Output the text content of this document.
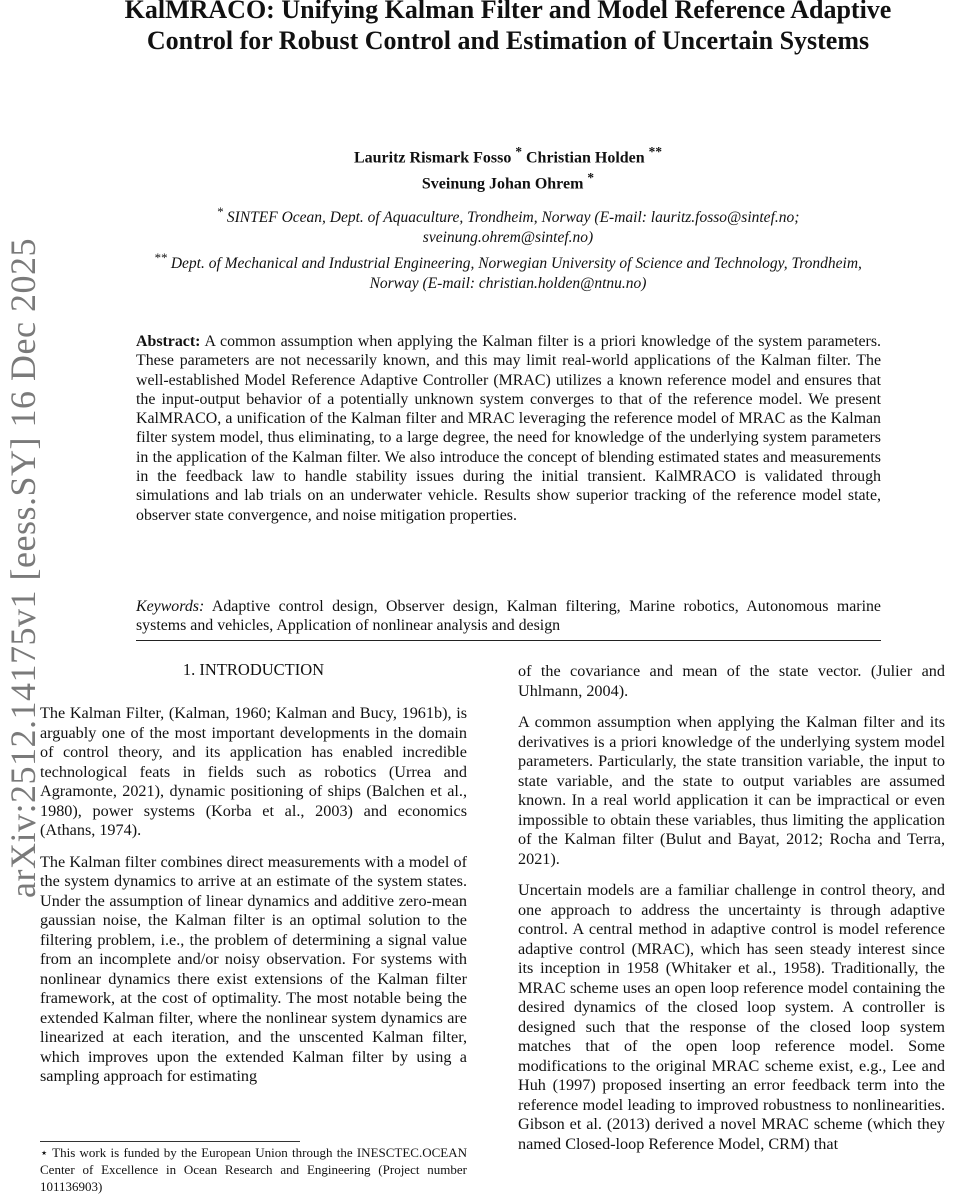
arXiv:2512.14175v1 [eess.SY] 16 Dec 2025
KalMRACO: Unifying Kalman Filter and Model Reference Adaptive Control for Robust Control and Estimation of Uncertain Systems
Lauritz Rismark Fosso * Christian Holden **
Sveinung Johan Ohrem *
* SINTEF Ocean, Dept. of Aquaculture, Trondheim, Norway (E-mail: lauritz.fosso@sintef.no; sveinung.ohrem@sintef.no)
** Dept. of Mechanical and Industrial Engineering, Norwegian University of Science and Technology, Trondheim, Norway (E-mail: christian.holden@ntnu.no)

Abstract: A common assumption when applying the Kalman filter is a priori knowledge of the system parameters. These parameters are not necessarily known, and this may limit real-world applications of the Kalman filter. The well-established Model Reference Adaptive Controller (MRAC) utilizes a known reference model and ensures that the input-output behavior of a potentially unknown system converges to that of the reference model. We present KalMRACO, a unification of the Kalman filter and MRAC leveraging the reference model of MRAC as the Kalman filter system model, thus eliminating, to a large degree, the need for knowledge of the underlying system parameters in the application of the Kalman filter. We also introduce the concept of blending estimated states and measurements in the feedback law to handle stability issues during the initial transient. KalMRACO is validated through simulations and lab trials on an underwater vehicle. Results show superior tracking of the reference model state, observer state convergence, and noise mitigation properties.

Keywords: Adaptive control design, Observer design, Kalman filtering, Marine robotics, Autonomous marine systems and vehicles, Application of nonlinear analysis and design

1. INTRODUCTION

The Kalman Filter, (Kalman, 1960; Kalman and Bucy, 1961b), is arguably one of the most important developments in the domain of control theory, and its application has enabled incredible technological feats in fields such as robotics (Urrea and Agramonte, 2021), dynamic positioning of ships (Balchen et al., 1980), power systems (Korba et al., 2003) and economics (Athans, 1974).

The Kalman filter combines direct measurements with a model of the system dynamics to arrive at an estimate of the system states. Under the assumption of linear dynamics and additive zero-mean gaussian noise, the Kalman filter is an optimal solution to the filtering problem, i.e., the problem of determining a signal value from an incomplete and/or noisy observation. For systems with nonlinear dynamics there exist extensions of the Kalman filter framework, at the cost of optimality. The most notable being the extended Kalman filter, where the nonlinear system dynamics are linearized at each iteration, and the unscented Kalman filter, which improves upon the extended Kalman filter by using a sampling approach for estimating

of the covariance and mean of the state vector. (Julier and Uhlmann, 2004).

A common assumption when applying the Kalman filter and its derivatives is a priori knowledge of the underlying system model parameters. Particularly, the state transition variable, the input to state variable, and the state to output variables are assumed known. In a real world application it can be impractical or even impossible to obtain these variables, thus limiting the application of the Kalman filter (Bulut and Bayat, 2012; Rocha and Terra, 2021).

Uncertain models are a familiar challenge in control theory, and one approach to address the uncertainty is through adaptive control. A central method in adaptive control is model reference adaptive control (MRAC), which has seen steady interest since its inception in 1958 (Whitaker et al., 1958). Traditionally, the MRAC scheme uses an open loop reference model containing the desired dynamics of the closed loop system. A controller is designed such that the response of the closed loop system matches that of the open loop reference model. Some modifications to the original MRAC scheme exist, e.g., Lee and Huh (1997) proposed inserting an error feedback term into the reference model leading to improved robustness to nonlinearities. Gibson et al. (2013) derived a novel MRAC scheme (which they named Closed-loop Reference Model, CRM) that

⋆ This work is funded by the European Union through the INESCTEC.OCEAN Center of Excellence in Ocean Research and Engineering (Project number 101136903)
